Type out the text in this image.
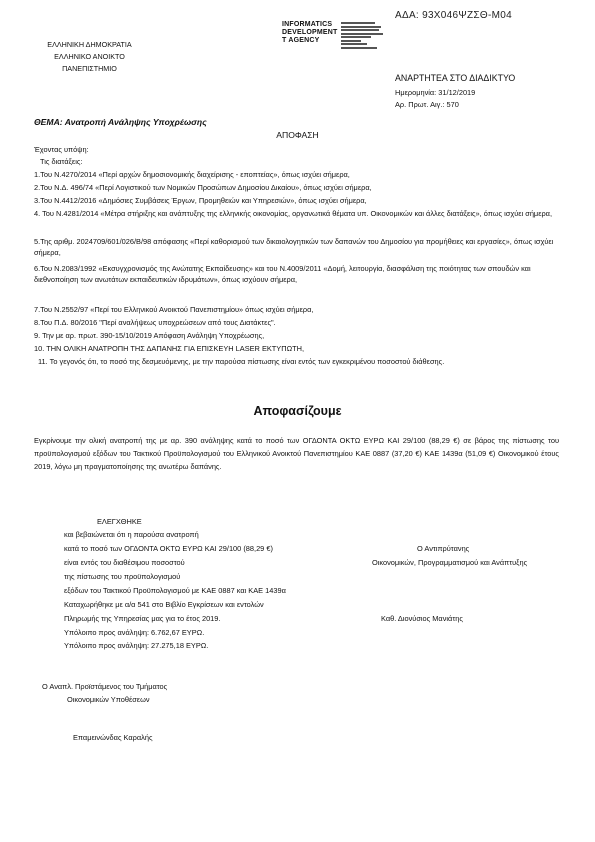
ΑΔΑ: 93Χ046ΨΖΣΘ-Μ04
ΕΛΛΗΝΙΚΗ ΔΗΜΟΚΡΑΤΙΑ
ΕΛΛΗΝΙΚΟ ΑΝΟΙΚΤΟ
ΠΑΝΕΠΙΣΤΗΜΙΟ
INFORMATICS
DEVELOPMENT
T AGENCY
ΑΝΑΡΤΗΤΕΑ ΣΤΟ ΔΙΑΔΙΚΤΥΟ
Ημερομηνία: 31/12/2019
Αρ. Πρωτ. Αιγ.: 570
ΘΕΜΑ: Ανατροπή Ανάληψης Υποχρέωσης
ΑΠΟΦΑΣΗ
Έχοντας υπόψη:
Τις διατάξεις:
1.Του Ν.4270/2014 «Περί αρχών δημοσιονομικής διαχείρισης - εποπτείας», όπως ισχύει σήμερα,
2.Του Ν.Δ. 496/74 «Περί Λογιστικού των Νομικών Προσώπων Δημοσίου Δικαίου», όπως ισχύει σήμερα,
3.Του Ν.4412/2016 «Δημόσιες Συμβάσεις Έργων, Προμηθειών και Υπηρεσιών», όπως ισχύει σήμερα,
4. Του Ν.4281/2014 «Μέτρα στήριξης και ανάπτυξης της ελληνικής οικονομίας, οργανωτικά θέματα υπ. Οικονομικών και άλλες διατάξεις», όπως ισχύει σήμερα,
5.Της αριθμ. 2024709/601/026/Β/98 απόφασης «Περί καθορισμού των δικαιολογητικών των δαπανών του Δημοσίου για προμήθειες και εργασίες», όπως ισχύει σήμερα,
6.Του Ν.2083/1992 «Εκσυγχρονισμός της Ανώτατης Εκπαίδευσης» και του Ν.4009/2011 «Δομή, λειτουργία, διασφάλιση της ποιότητας των σπουδών και διεθνοποίηση των ανωτάτων εκπαιδευτικών ιδρυμάτων», όπως ισχύουν σήμερα,
7.Του Ν.2552/97 «Περί του Ελληνικού Ανοικτού Πανεπιστημίου» όπως ισχύει σήμερα,
8.Του Π.Δ. 80/2016 "Περί αναλήψεως υποχρεώσεων από τους Διατάκτες".
9. Την με αρ. πρωτ. 390-15/10/2019 Απόφαση Ανάληψη Υποχρέωσης,
10. ΤΗΝ ΟΛΙΚΗ ΑΝΑΤΡΟΠΗ ΤΗΣ ΔΑΠΑΝΗΣ ΓΙΑ ΕΠΙΣΚΕΥΗ LASER ΕΚΤΥΠΩΤΗ,
11. Το γεγονός ότι, το ποσό της δεσμευόμενης, με την παρούσα πίστωσης είναι εντός των εγκεκριμένου ποσοστού διάθεσης.
Αποφασίζουμε
Εγκρίνουμε την ολική ανατροπή της με αρ. 390 ανάληψης κατά το ποσό των ΟΓΔΟΝΤΑ ΟΚΤΩ ΕΥΡΩ ΚΑΙ 29/100 (88,29 €) σε βάρος της πίστωσης του προϋπολογισμού εξόδων του Τακτικού Προϋπολογισμού του Ελληνικού Ανοικτού Πανεπιστημίου ΚΑΕ 0887 (37,20 €) ΚΑΕ 1439α (51,09 €) Οικονομικού έτους 2019, λόγω μη πραγματοποίησης της ανωτέρω δαπάνης.
ΕΛΕΓΧΘΗΚΕ
και βεβαιώνεται ότι η παρούσα ανατροπή
κατά το ποσό των ΟΓΔΟΝΤΑ ΟΚΤΩ ΕΥΡΩ ΚΑΙ 29/100 (88,29 €)
είναι εντός του διαθέσιμου ποσοστού
της πίστωσης του προϋπολογισμού
εξόδων του Τακτικού Προϋπολογισμού με ΚΑΕ 0887 και ΚΑΕ 1439α
Καταχωρήθηκε με α/α 541 στο Βιβλίο Εγκρίσεων και εντολών
Πληρωμής της Υπηρεσίας μας για το έτος 2019.
Υπόλοιπο προς ανάληψη: 6.762,67 ΕΥΡΩ.
Υπόλοιπο προς ανάληψη: 27.275,18 ΕΥΡΩ.
Ο Αντιπρύτανης
Οικονομικών, Προγραμματισμού και Ανάπτυξης
Καθ. Διονύσιος Μανιάτης
Ο Αναπλ. Προϊστάμενος του Τμήματος
Οικονομικών Υποθέσεων
Επαμεινώνδας Καραλής
